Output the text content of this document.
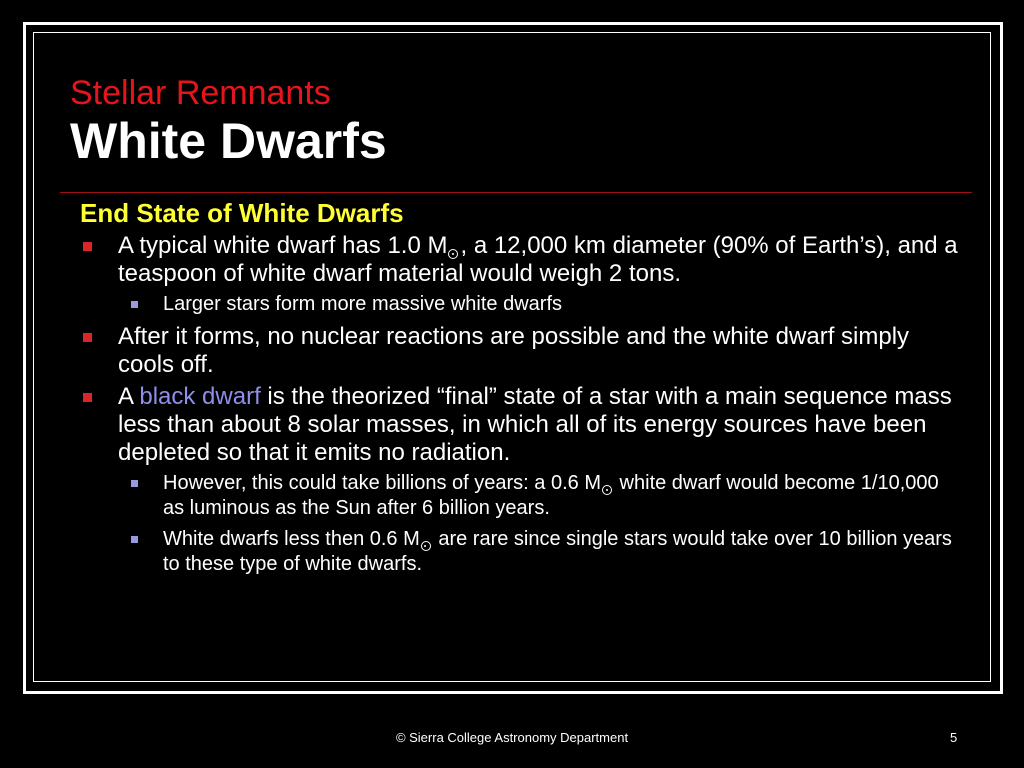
Stellar Remnants
White Dwarfs
End State of White Dwarfs
A typical white dwarf has 1.0 M , a 12,000 km diameter (90% of Earth’s), and a teaspoon of white dwarf material would weigh 2 tons.
Larger stars form more massive white dwarfs
After it forms, no nuclear reactions are possible and the white dwarf simply cools off.
A black dwarf is the theorized “final” state of a star with a main sequence mass less than about 8 solar masses, in which all of its energy sources have been depleted so that it emits no radiation.
However, this could take billions of years: a 0.6 M white dwarf would become 1/10,000 as luminous as the Sun after 6 billion years.
White dwarfs less then 0.6 M are rare since single stars would take over 10 billion years to these type of white dwarfs.
© Sierra College Astronomy Department	5
